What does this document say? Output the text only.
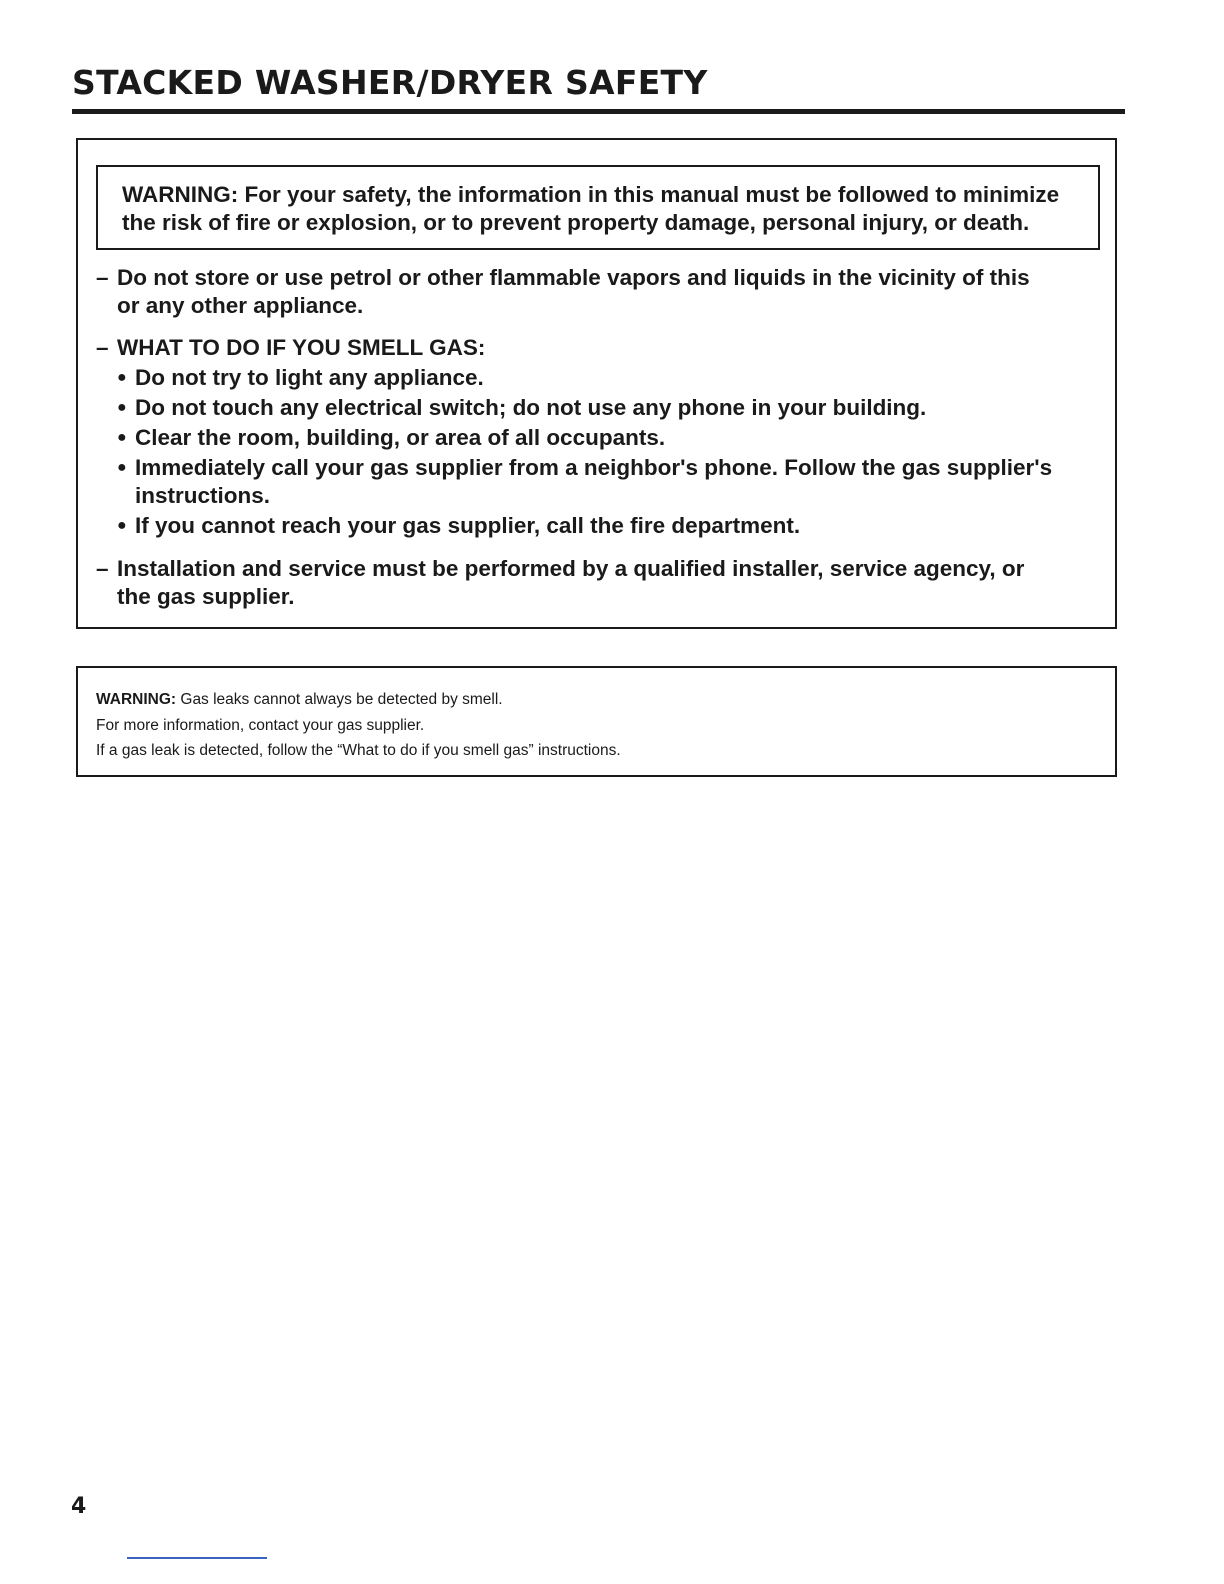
STACKED WASHER/DRYER SAFETY
WARNING: For your safety, the information in this manual must be followed to minimize
the risk of fire or explosion, or to prevent property damage, personal injury, or death.
– Do not store or use petrol or other flammable vapors and liquids in the vicinity of this
or any other appliance.
– WHAT TO DO IF YOU SMELL GAS:
● Do not try to light any appliance.
● Do not touch any electrical switch; do not use any phone in your building.
● Clear the room, building, or area of all occupants.
● Immediately call your gas supplier from a neighbor's phone. Follow the gas supplier's
instructions.
● If you cannot reach your gas supplier, call the fire department.
– Installation and service must be performed by a qualified installer, service agency, or
the gas supplier.
WARNING: Gas leaks cannot always be detected by smell.
For more information, contact your gas supplier.
If a gas leak is detected, follow the “What to do if you smell gas” instructions.
4
